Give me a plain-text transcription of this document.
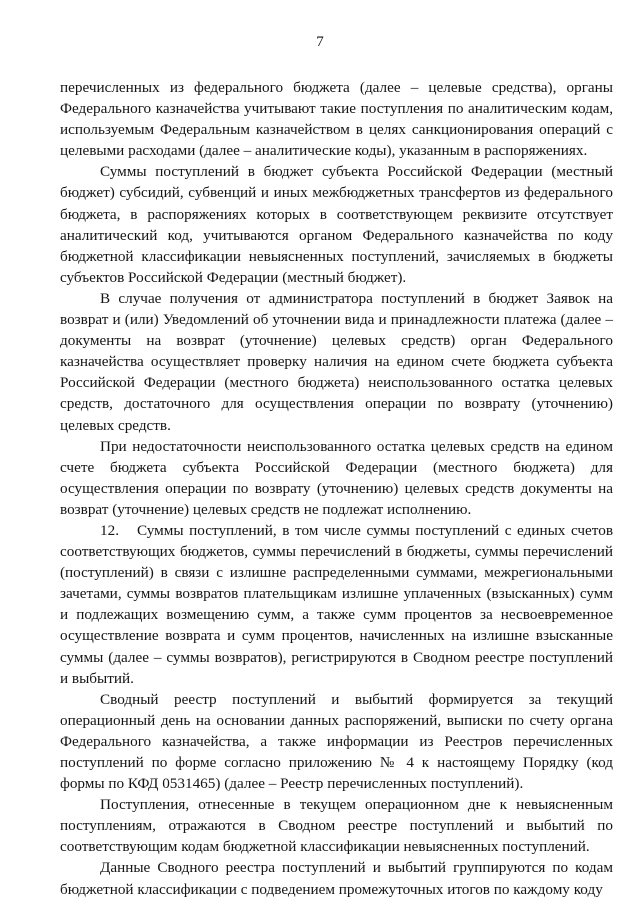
7

перечисленных из федерального бюджета (далее – целевые средства), органы Федерального казначейства учитывают такие поступления по аналитическим кодам, используемым Федеральным казначейством в целях санкционирования операций с целевыми расходами (далее – аналитические коды), указанным в распоряжениях.

Суммы поступлений в бюджет субъекта Российской Федерации (местный бюджет) субсидий, субвенций и иных межбюджетных трансфертов из федерального бюджета, в распоряжениях которых в соответствующем реквизите отсутствует аналитический код, учитываются органом Федерального казначейства по коду бюджетной классификации невыясненных поступлений, зачисляемых в бюджеты субъектов Российской Федерации (местный бюджет).

В случае получения от администратора поступлений в бюджет Заявок на возврат и (или) Уведомлений об уточнении вида и принадлежности платежа (далее – документы на возврат (уточнение) целевых средств) орган Федерального казначейства осуществляет проверку наличия на едином счете бюджета субъекта Российской Федерации (местного бюджета) неиспользованного остатка целевых средств, достаточного для осуществления операции по возврату (уточнению) целевых средств.

При недостаточности неиспользованного остатка целевых средств на едином счете бюджета субъекта Российской Федерации (местного бюджета) для осуществления операции по возврату (уточнению) целевых средств документы на возврат (уточнение) целевых средств не подлежат исполнению.

12. Суммы поступлений, в том числе суммы поступлений с единых счетов соответствующих бюджетов, суммы перечислений в бюджеты, суммы перечислений (поступлений) в связи с излишне распределенными суммами, межрегиональными зачетами, суммы возвратов плательщикам излишне уплаченных (взысканных) сумм и подлежащих возмещению сумм, а также сумм процентов за несвоевременное осуществление возврата и сумм процентов, начисленных на излишне взысканные суммы (далее – суммы возвратов), регистрируются в Сводном реестре поступлений и выбытий.

Сводный реестр поступлений и выбытий формируется за текущий операционный день на основании данных распоряжений, выписки по счету органа Федерального казначейства, а также информации из Реестров перечисленных поступлений по форме согласно приложению № 4 к настоящему Порядку (код формы по КФД 0531465) (далее – Реестр перечисленных поступлений).

Поступления, отнесенные в текущем операционном дне к невыясненным поступлениям, отражаются в Сводном реестре поступлений и выбытий по соответствующим кодам бюджетной классификации невыясненных поступлений.

Данные Сводного реестра поступлений и выбытий группируются по кодам бюджетной классификации с подведением промежуточных итогов по каждому коду
